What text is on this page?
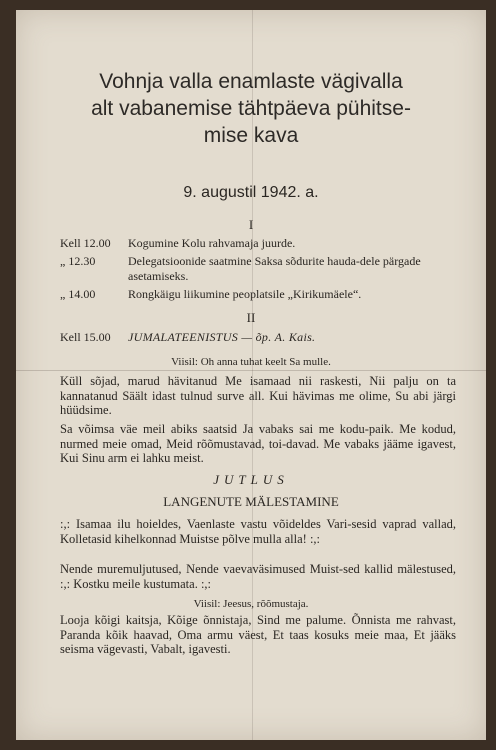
Vohnja valla enamlaste vägivalla
alt vabanemise tähtpäeva pühitse-
mise kava
9. augustil 1942. a.
I
Kell 12.00	Kogumine Kolu rahvamaja juurde.
„ 12.30	Delegatsioonide saatmine Saksa sõdurite hauda-dele pärgade asetamiseks.
„ 14.00	Rongkäigu liikumine peoplatsile „Kirikumäele“.
II
Kell 15.00	JUMALATEENISTUS — õp. A. Kais.
Viisil: Oh anna tuhat keelt Sa mulle.
Küll sõjad, marud hävitanud Me isamaad nii raskesti, Nii palju on ta kannatanud Säält idast tulnud surve all. Kui hävimas me olime, Su abi järgi hüüdsime.
Sa võimsa väe meil abiks saatsid Ja vabaks sai me kodu-paik. Me kodud, nurmed meie omad, Meid rõõmustavad, toi-davad. Me vabaks jääme igavest, Kui Sinu arm ei lahku meist.
JUTLUS
LANGENUTE MÄLESTAMINE
:,: Isamaa ilu hoieldes, Vaenlaste vastu võideldes Vari-sesid vaprad vallad, Kolletasid kihelkonnad Muistse põlve mulla alla! :,:
Nende muremuljutused, Nende vaevaväsimused Muist-sed kallid mälestused, :,: Kostku meile kustumata. :,:
Viisil: Jeesus, rõõmustaja.
Looja kõigi kaitsja, Kõige õnnistaja, Sind me palume. Õnnista me rahvast, Paranda kõik haavad, Oma armu väest, Et taas kosuks meie maa, Et jääks seisma vägevasti, Vabalt, igavesti.
